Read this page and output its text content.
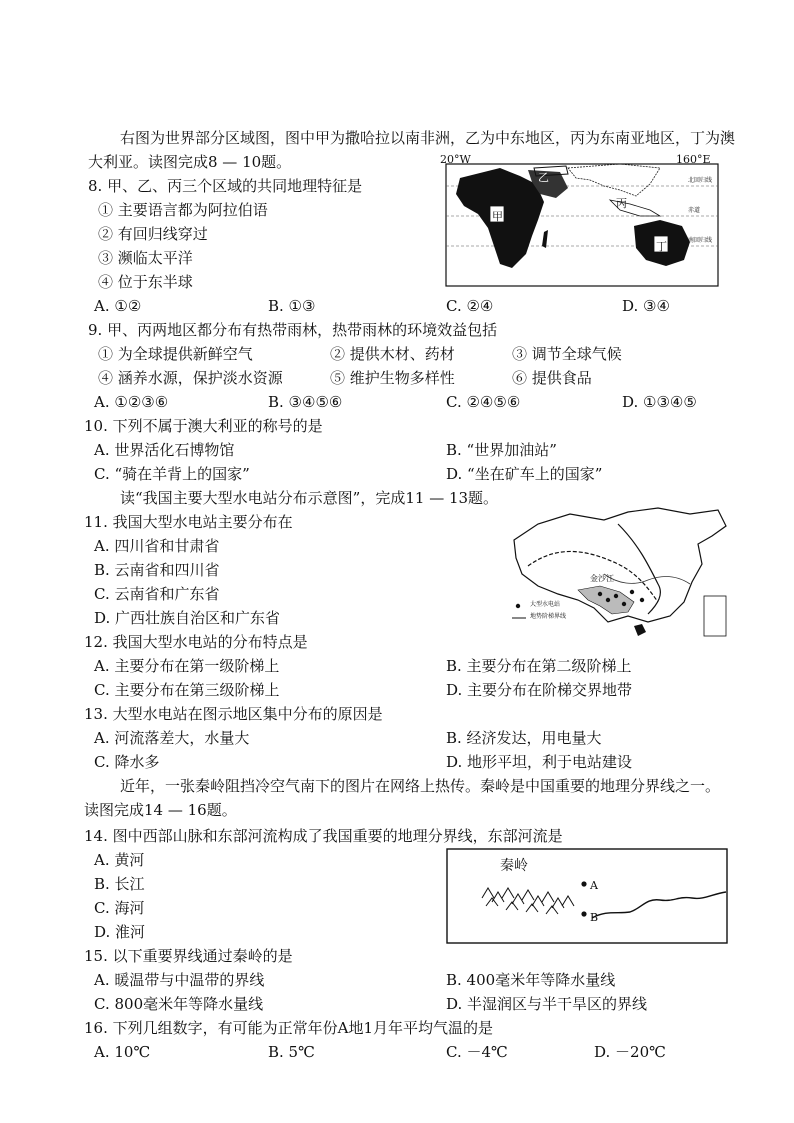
右图为世界部分区域图，图中甲为撒哈拉以南非洲，乙为中东地区，丙为东南亚地区，丁为澳
大利亚。读图完成8 — 10题。	20°W	160°E
甲
乙
丙
丁
北回归线
赤道
南回归线
8. 甲、乙、丙三个区域的共同地理特征是
① 主要语言都为阿拉伯语
② 有回归线穿过
③ 濒临太平洋
④ 位于东半球
A. ①②	B. ①③	C. ②④	D. ③④
9. 甲、丙两地区都分布有热带雨林，热带雨林的环境效益包括
① 为全球提供新鲜空气	② 提供木材、药材	③ 调节全球气候
④ 涵养水源，保护淡水资源	⑤ 维护生物多样性	⑥ 提供食品
A. ①②③⑥	B. ③④⑤⑥	C. ②④⑤⑥	D. ①③④⑤
10. 下列不属于澳大利亚的称号的是
A. 世界活化石博物馆	B. “世界加油站”
C. “骑在羊背上的国家”	D. “坐在矿车上的国家”
读“我国主要大型水电站分布示意图”，完成11 — 13题。
金沙江
大型水电站
地势阶梯界线
11. 我国大型水电站主要分布在
A. 四川省和甘肃省
B. 云南省和四川省
C. 云南省和广东省
D. 广西壮族自治区和广东省
12. 我国大型水电站的分布特点是
A. 主要分布在第一级阶梯上	B. 主要分布在第二级阶梯上
C. 主要分布在第三级阶梯上	D. 主要分布在阶梯交界地带
13. 大型水电站在图示地区集中分布的原因是
A. 河流落差大，水量大	B. 经济发达，用电量大
C. 降水多	D. 地形平坦，利于电站建设
近年，一张秦岭阻挡冷空气南下的图片在网络上热传。秦岭是中国重要的地理分界线之一。
读图完成14 — 16题。
秦岭
A
B
14. 图中西部山脉和东部河流构成了我国重要的地理分界线，东部河流是
A. 黄河
B. 长江
C. 海河
D. 淮河
15. 以下重要界线通过秦岭的是
A. 暖温带与中温带的界线	B. 400毫米年等降水量线
C. 800毫米年等降水量线	D. 半湿润区与半干旱区的界线
16. 下列几组数字，有可能为正常年份A地1月年平均气温的是
A. 10℃	B. 5℃	C. －4℃	D. －20℃
